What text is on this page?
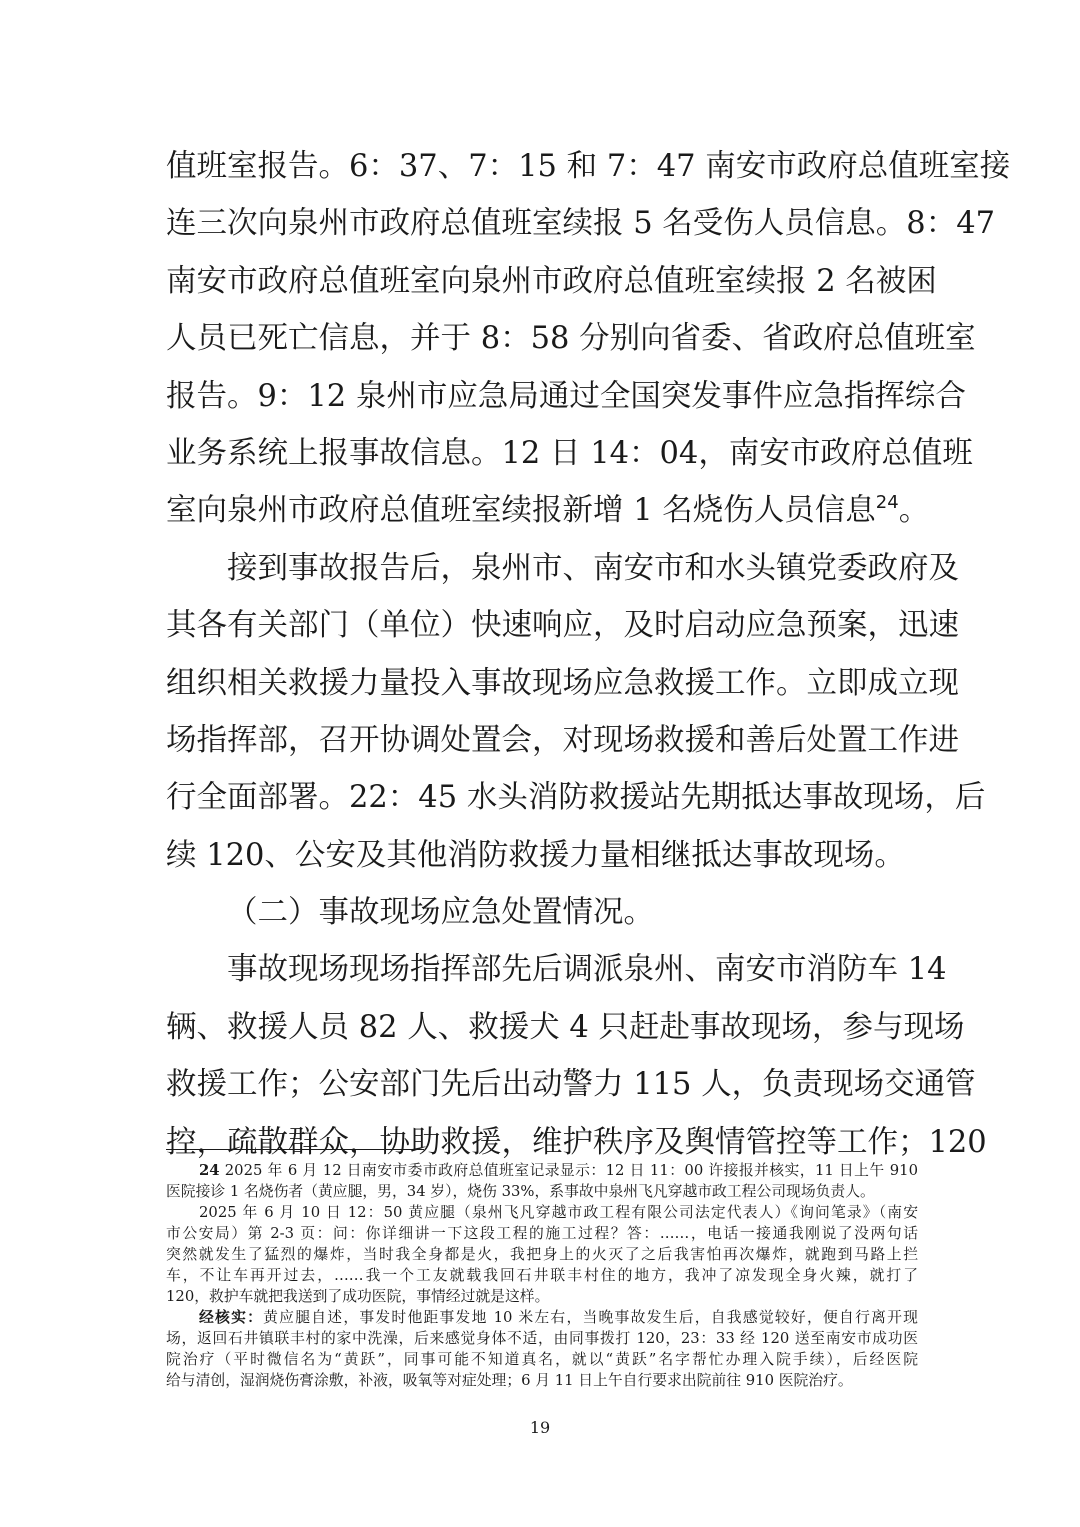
值班室报告。6：37、7：15 和 7：47 南安市政府总值班室接
连三次向泉州市政府总值班室续报 5 名受伤人员信息。8：47
南安市政府总值班室向泉州市政府总值班室续报 2 名被困
人员已死亡信息，并于 8：58 分别向省委、省政府总值班室
报告。9：12 泉州市应急局通过全国突发事件应急指挥综合
业务系统上报事故信息。12 日 14：04，南安市政府总值班
室向泉州市政府总值班室续报新增 1 名烧伤人员信息$^{24}$。
接到事故报告后，泉州市、南安市和水头镇党委政府及
其各有关部门（单位）快速响应，及时启动应急预案，迅速
组织相关救援力量投入事故现场应急救援工作。立即成立现
场指挥部，召开协调处置会，对现场救援和善后处置工作进
行全面部署。22：45 水头消防救援站先期抵达事故现场，后
续 120、公安及其他消防救援力量相继抵达事故现场。
（二）事故现场应急处置情况。
事故现场现场指挥部先后调派泉州、南安市消防车 14
辆、救援人员 82 人、救援犬 4 只赶赴事故现场，参与现场
救援工作；公安部门先后出动警力 115 人，负责现场交通管
控，疏散群众，协助救援，维护秩序及舆情管控等工作；120
24 2025 年 6 月 12 日南安市委市政府总值班室记录显示：12 日 11：00 许接报并核实，11 日上午 910
医院接诊 1 名烧伤者（黄应腿，男，34 岁），烧伤 33%，系事故中泉州飞凡穿越市政工程公司现场负责人。
2025 年 6 月 10 日 12：50 黄应腿（泉州飞凡穿越市政工程有限公司法定代表人）《询问笔录》（南安
市公安局）第 2-3 页：问：你详细讲一下这段工程的施工过程？答：……，电话一接通我刚说了没两句话
突然就发生了猛烈的爆炸，当时我全身都是火，我把身上的火灭了之后我害怕再次爆炸，就跑到马路上拦
车，不让车再开过去，……我一个工友就载我回石井联丰村住的地方，我冲了凉发现全身火辣，就打了
120，救护车就把我送到了成功医院，事情经过就是这样。
经核实：黄应腿自述，事发时他距事发地 10 米左右，当晚事故发生后，自我感觉较好，便自行离开现
场，返回石井镇联丰村的家中洗澡，后来感觉身体不适，由同事拨打 120，23：33 经 120 送至南安市成功医
院治疗（平时微信名为“黄跃”，同事可能不知道真名，就以“黄跃”名字帮忙办理入院手续），后经医院
给与清创，湿润烧伤膏涂敷，补液，吸氧等对症处理；6 月 11 日上午自行要求出院前往 910 医院治疗。
19
